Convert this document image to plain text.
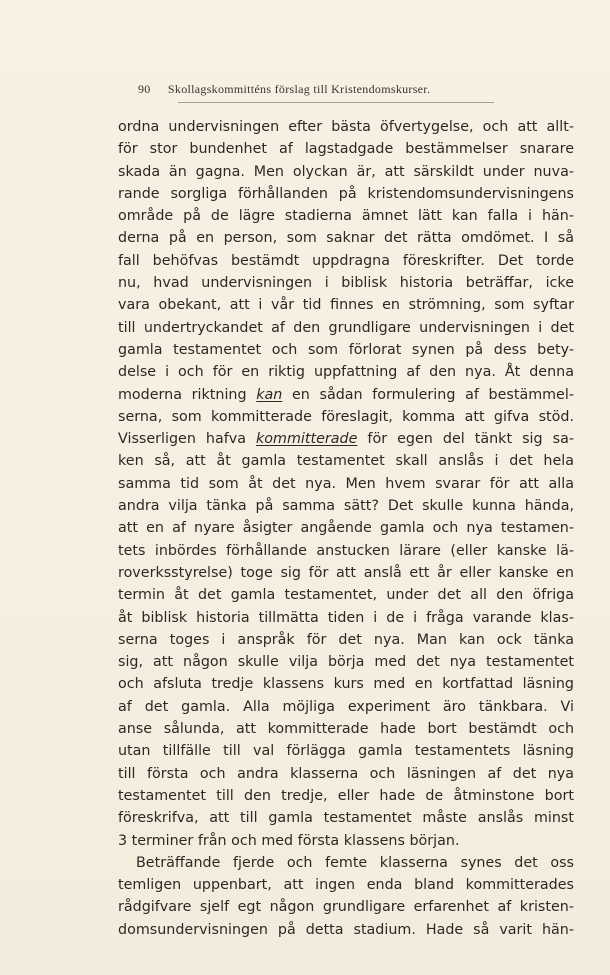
90 Skollagskommitténs förslag till Kristendomskurser.
ordna undervisningen efter bästa öfvertygelse, och att allt-
för stor bundenhet af lagstadgade bestämmelser snarare
skada än gagna. Men olyckan är, att särskildt under nuva-
rande sorgliga förhållanden på kristendomsundervisningens
område på de lägre stadierna ämnet lätt kan falla i hän-
derna på en person, som saknar det rätta omdömet. I så
fall behöfvas bestämdt uppdragna föreskrifter. Det torde
nu, hvad undervisningen i biblisk historia beträffar, icke
vara obekant, att i vår tid finnes en strömning, som syftar
till undertryckandet af den grundligare undervisningen i det
gamla testamentet och som förlorat synen på dess bety-
delse i och för en riktig uppfattning af den nya. Åt denna
moderna riktning kan en sådan formulering af bestämmel-
serna, som kommitterade föreslagit, komma att gifva stöd.
Visserligen hafva kommitterade för egen del tänkt sig sa-
ken så, att åt gamla testamentet skall anslås i det hela
samma tid som åt det nya. Men hvem svarar för att alla
andra vilja tänka på samma sätt? Det skulle kunna hända,
att en af nyare åsigter angående gamla och nya testamen-
tets inbördes förhållande anstucken lärare (eller kanske lä-
roverksstyrelse) toge sig för att anslå ett år eller kanske en
termin åt det gamla testamentet, under det all den öfriga
åt biblisk historia tillmätta tiden i de i fråga varande klas-
serna toges i anspråk för det nya. Man kan ock tänka
sig, att någon skulle vilja börja med det nya testamentet
och afsluta tredje klassens kurs med en kortfattad läsning
af det gamla. Alla möjliga experiment äro tänkbara. Vi
anse sålunda, att kommitterade hade bort bestämdt och
utan tillfälle till val förlägga gamla testamentets läsning
till första och andra klasserna och läsningen af det nya
testamentet till den tredje, eller hade de åtminstone bort
föreskrifva, att till gamla testamentet måste anslås minst
3 terminer från och med första klassens början.
Beträffande fjerde och femte klasserna synes det oss
temligen uppenbart, att ingen enda bland kommitterades
rådgifvare sjelf egt någon grundligare erfarenhet af kristen-
domsundervisningen på detta stadium. Hade så varit hän-
